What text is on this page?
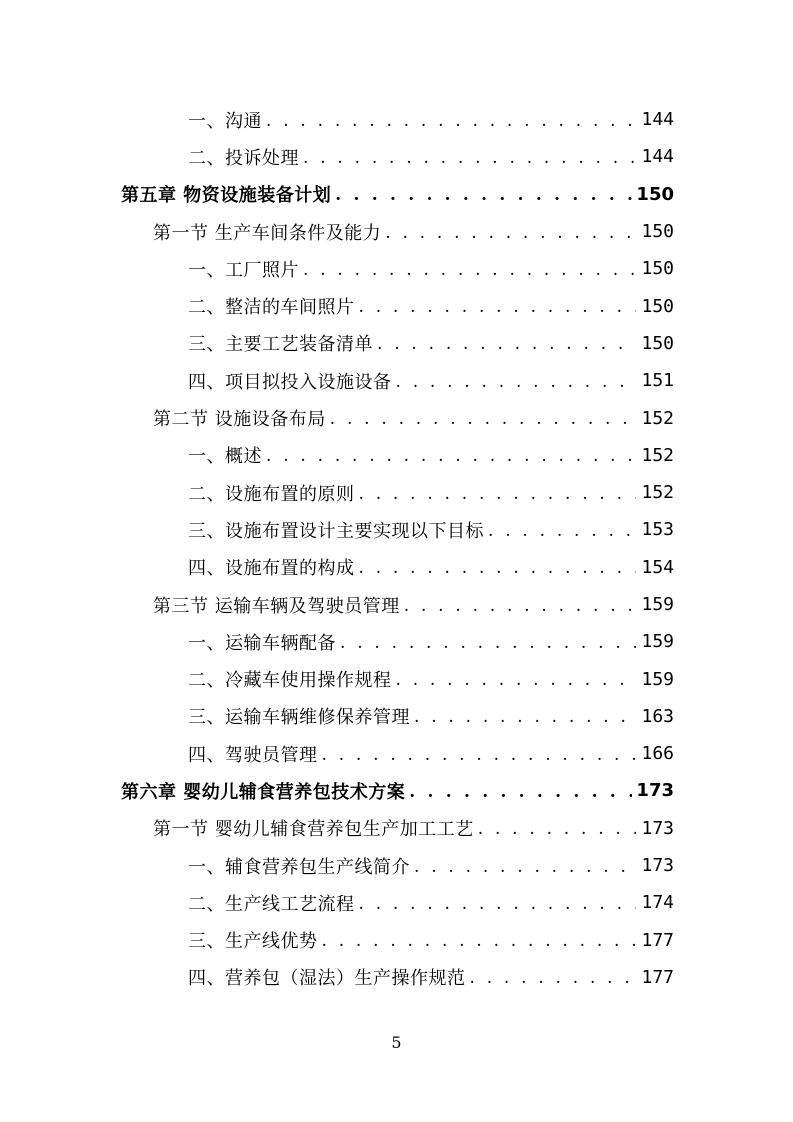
一、沟通 . . .	144
二、投诉处理 . . .	144
第五章 物资设施装备计划 . . .	150
第一节 生产车间条件及能力 . . .	150
一、工厂照片 . . .	150
二、整洁的车间照片 . . .	150
三、主要工艺装备清单 . . .	150
四、项目拟投入设施设备 . . .	151
第二节 设施设备布局 . . .	152
一、概述 . . .	152
二、设施布置的原则 . . .	152
三、设施布置设计主要实现以下目标 . . .	153
四、设施布置的构成 . . .	154
第三节 运输车辆及驾驶员管理 . . .	159
一、运输车辆配备 . . .	159
二、冷藏车使用操作规程 . . .	159
三、运输车辆维修保养管理 . . .	163
四、驾驶员管理 . . .	166
第六章 婴幼儿辅食营养包技术方案 . . .	173
第一节 婴幼儿辅食营养包生产加工工艺 . . .	173
一、辅食营养包生产线简介 . . .	173
二、生产线工艺流程 . . .	174
三、生产线优势 . . .	177
四、营养包（湿法）生产操作规范 . . .	177
5
